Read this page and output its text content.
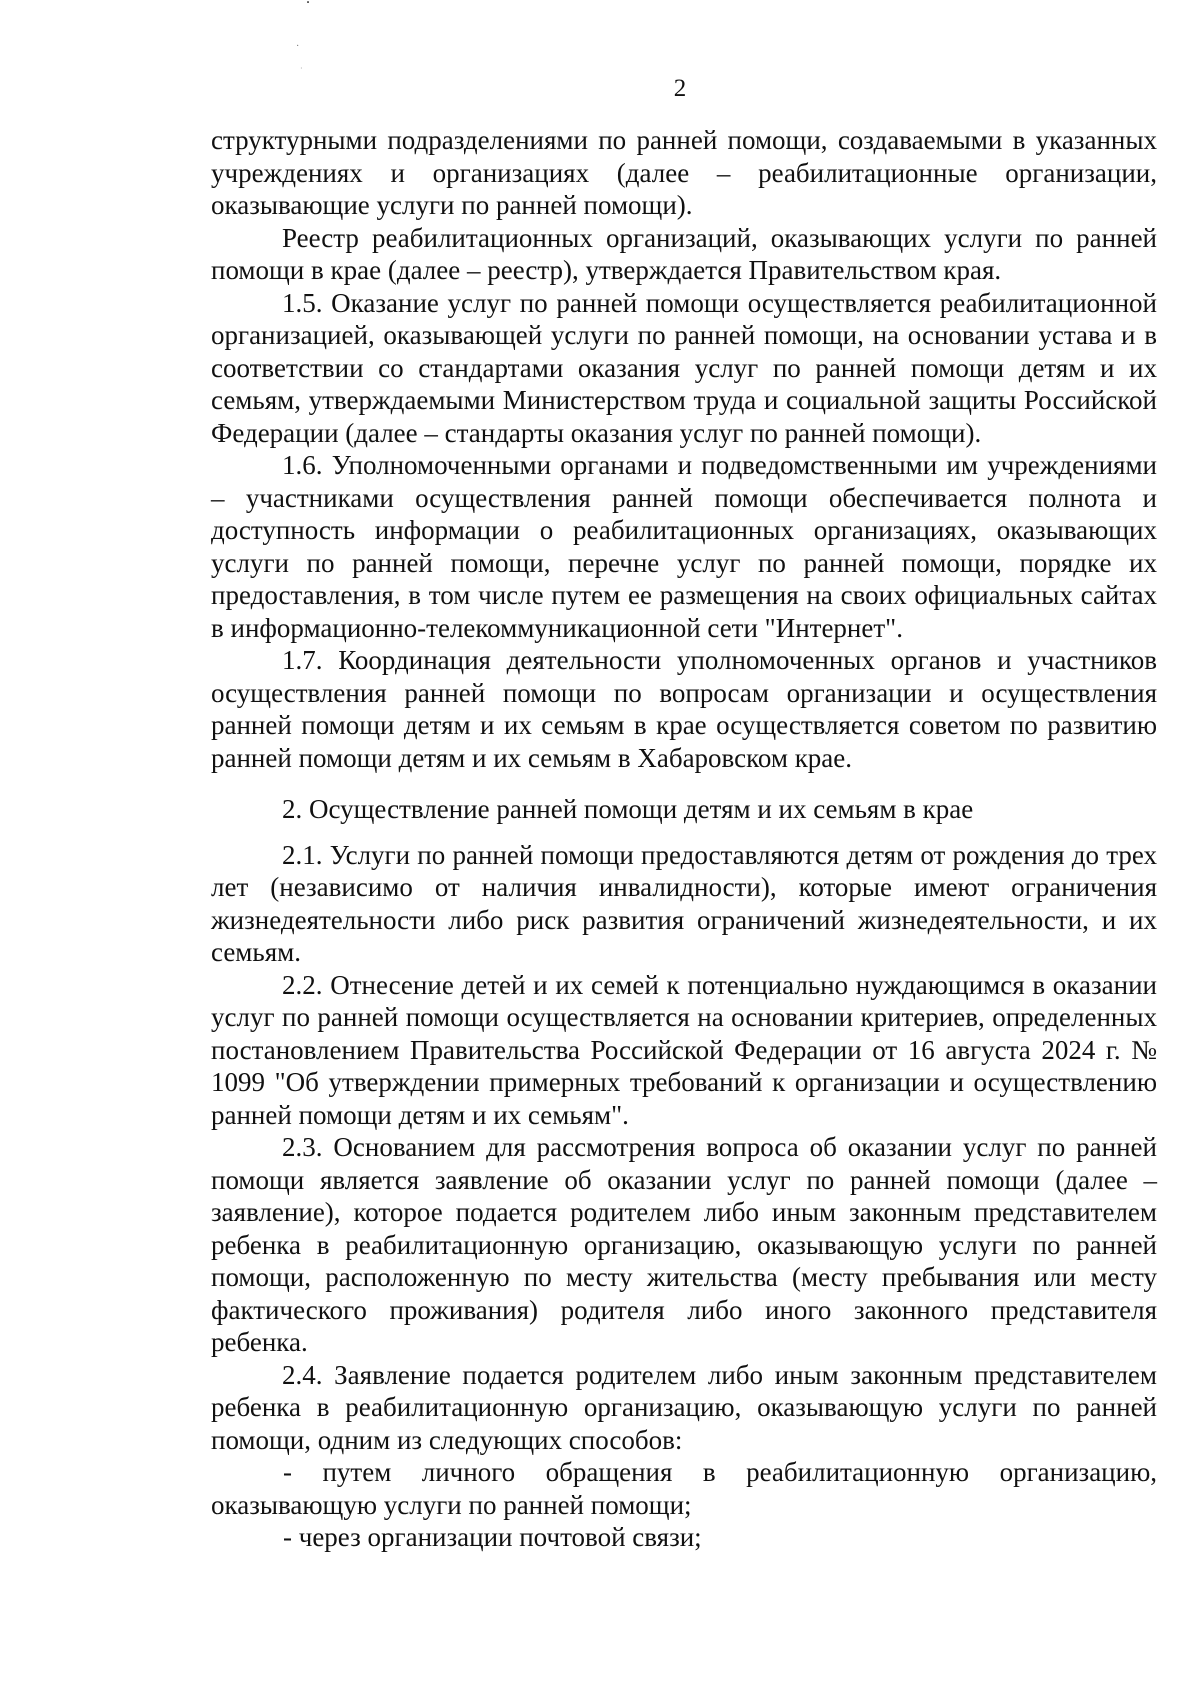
˙
·
·
2

структурными подразделениями по ранней помощи, создаваемыми в указанных учреждениях и организациях (далее – реабилитационные организации, оказывающие услуги по ранней помощи).

Реестр реабилитационных организаций, оказывающих услуги по ранней помощи в крае (далее – реестр), утверждается Правительством края.

1.5. Оказание услуг по ранней помощи осуществляется реабилитационной организацией, оказывающей услуги по ранней помощи, на основании устава и в соответствии со стандартами оказания услуг по ранней помощи детям и их семьям, утверждаемыми Министерством труда и социальной защиты Российской Федерации (далее – стандарты оказания услуг по ранней помощи).

1.6. Уполномоченными органами и подведомственными им учреждениями – участниками осуществления ранней помощи обеспечивается полнота и доступность информации о реабилитационных организациях, оказывающих услуги по ранней помощи, перечне услуг по ранней помощи, порядке их предоставления, в том числе путем ее размещения на своих официальных сайтах в информационно-телекоммуникационной сети "Интернет".

1.7. Координация деятельности уполномоченных органов и участников осуществления ранней помощи по вопросам организации и осуществления ранней помощи детям и их семьям в крае осуществляется советом по развитию ранней помощи детям и их семьям в Хабаровском крае.

2. Осуществление ранней помощи детям и их семьям в крае

2.1. Услуги по ранней помощи предоставляются детям от рождения до трех лет (независимо от наличия инвалидности), которые имеют ограничения жизнедеятельности либо риск развития ограничений жизнедеятельности, и их семьям.

2.2. Отнесение детей и их семей к потенциально нуждающимся в оказании услуг по ранней помощи осуществляется на основании критериев, определенных постановлением Правительства Российской Федерации от 16 августа 2024 г. № 1099 "Об утверждении примерных требований к организации и осуществлению ранней помощи детям и их семьям".

2.3. Основанием для рассмотрения вопроса об оказании услуг по ранней помощи является заявление об оказании услуг по ранней помощи (далее – заявление), которое подается родителем либо иным законным представителем ребенка в реабилитационную организацию, оказывающую услуги по ранней помощи, расположенную по месту жительства (месту пребывания или месту фактического проживания) родителя либо иного законного представителя ребенка.

2.4. Заявление подается родителем либо иным законным представителем ребенка в реабилитационную организацию, оказывающую услуги по ранней помощи, одним из следующих способов:

- путем личного обращения в реабилитационную организацию, оказывающую услуги по ранней помощи;

- через организации почтовой связи;
